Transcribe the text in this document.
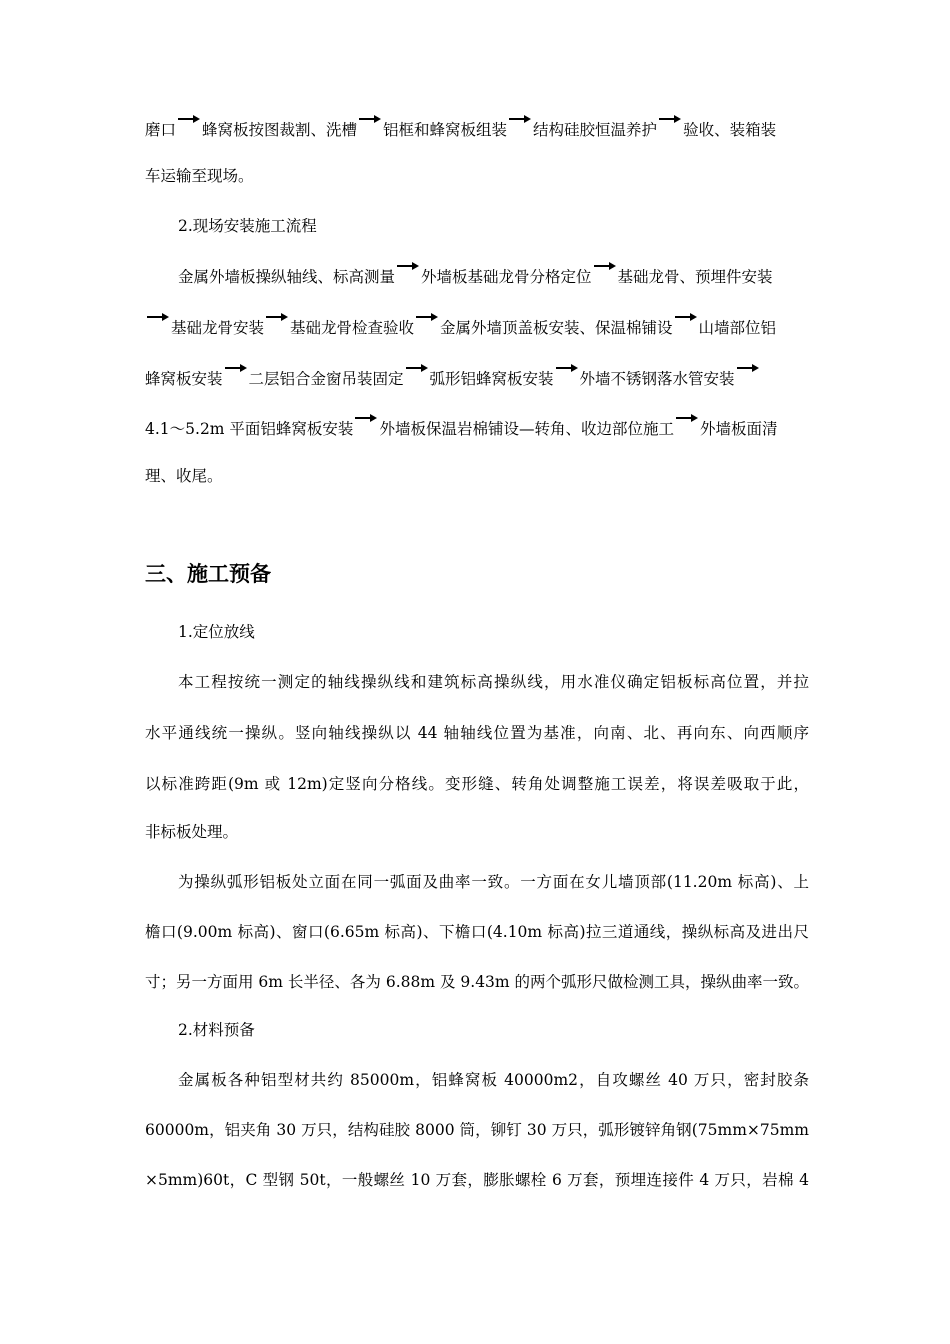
磨口 蜂窝板按图裁割、洗槽 铝框和蜂窝板组装 结构硅胶恒温养护 验收、装箱装
车运输至现场。
2.现场安装施工流程
金属外墙板操纵轴线、标高测量 外墙板基础龙骨分格定位 基础龙骨、预埋件安装
基础龙骨安装 基础龙骨检查验收 金属外墙顶盖板安装、保温棉铺设 山墙部位铝
蜂窝板安装 二层铝合金窗吊装固定 弧形铝蜂窝板安装 外墙不锈钢落水管安装
4.1～5.2m 平面铝蜂窝板安装 外墙板保温岩棉铺设—转角、收边部位施工 外墙板面清
理、收尾。
三、施工预备
1.定位放线
本工程按统一测定的轴线操纵线和建筑标高操纵线，用水准仪确定铝板标高位置，并拉
水平通线统一操纵。竖向轴线操纵以 44 轴轴线位置为基准，向南、北、再向东、向西顺序
以标准跨距(9m 或 12m)定竖向分格线。变形缝、转角处调整施工误差，将误差吸取于此，
非标板处理。
为操纵弧形铝板处立面在同一弧面及曲率一致。一方面在女儿墙顶部(11.20m 标高)、上
檐口(9.00m 标高)、窗口(6.65m 标高)、下檐口(4.10m 标高)拉三道通线，操纵标高及进出尺
寸；另一方面用 6m 长半径、各为 6.88m 及 9.43m 的两个弧形尺做检测工具，操纵曲率一致。
2.材料预备
金属板各种铝型材共约 85000m，铝蜂窝板 40000m2，自攻螺丝 40 万只，密封胶条
60000m，铝夹角 30 万只，结构硅胶 8000 筒，铆钉 30 万只，弧形镀锌角钢(75mm×75mm
×5mm)60t，C 型钢 50t，一般螺丝 10 万套，膨胀螺栓 6 万套，预埋连接件 4 万只，岩棉 4
